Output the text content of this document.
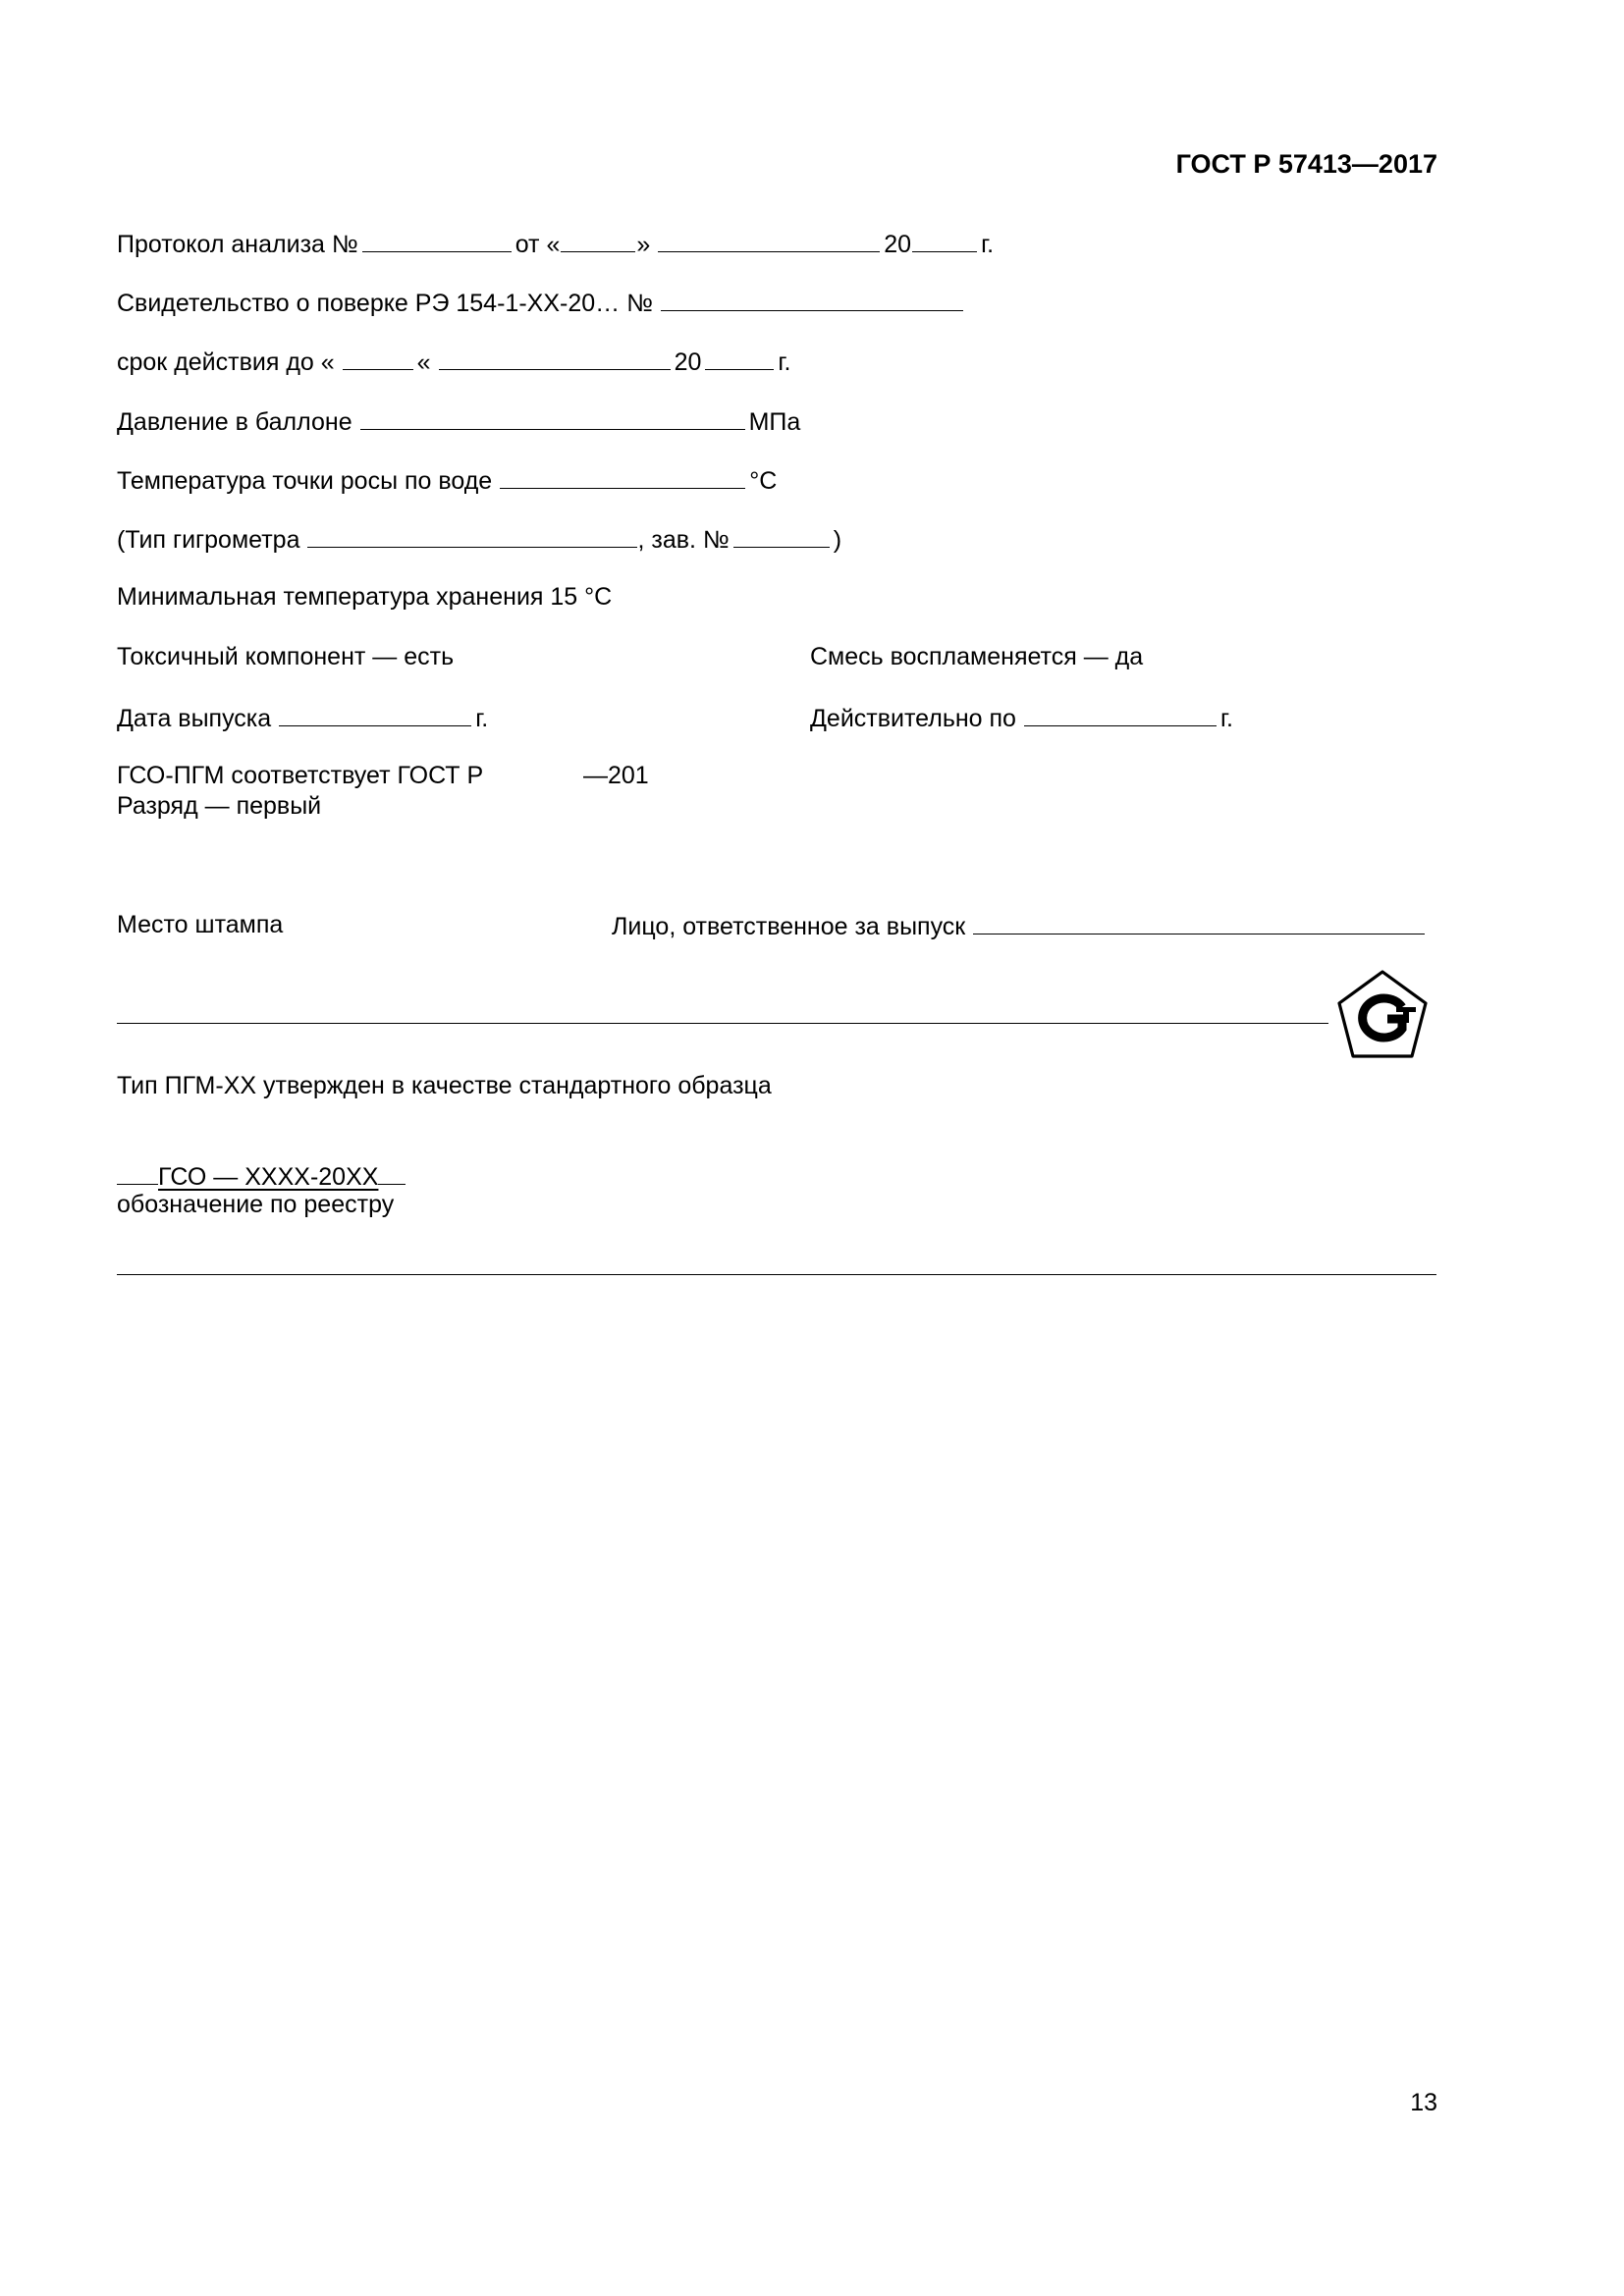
ГОСТ Р 57413—2017
Протокол анализа №	от «	»	20	г.
Свидетельство о поверке РЭ 154-1-ХХ-20… №
срок действия до «	«	20	г.
Давление в баллоне	МПа
Температура точки росы по воде	°С
(Тип гигрометра	, зав. №	)
Минимальная температура хранения 15 °С
Токсичный компонент — есть	Смесь воспламеняется — да
Дата выпуска	г.	Действительно по	г.
ГСО-ПГМ соответствует ГОСТ Р	—201
Разряд — первый
Место штампа	Лицо, ответственное за выпуск
Тип ПГМ-ХХ утвержден в качестве стандартного образца
ГСО — ХХХХ-20ХХ
обозначение по реестру
13
